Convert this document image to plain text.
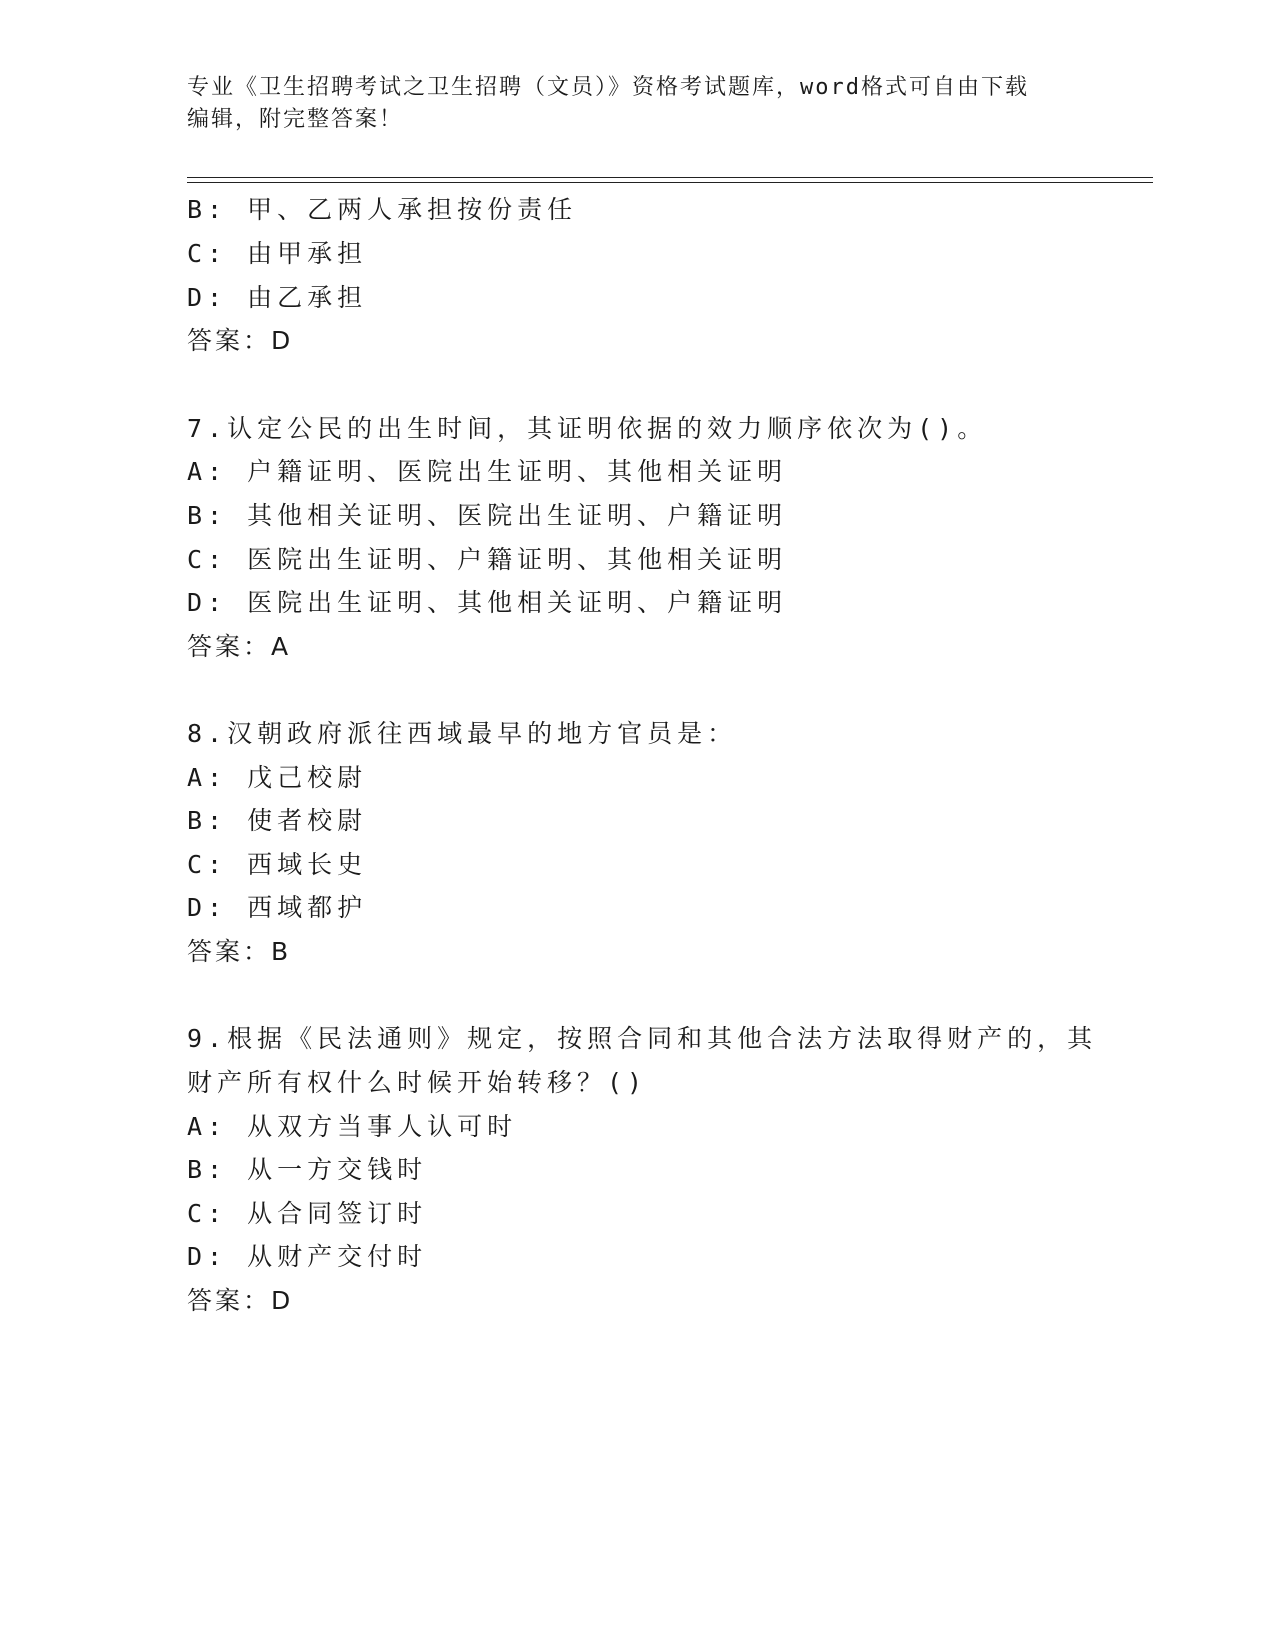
专业《卫生招聘考试之卫生招聘（文员）》资格考试题库，word格式可自由下载
编辑，附完整答案！
B: 甲、乙两人承担按份责任
C: 由甲承担
D: 由乙承担
答案：D
7.认定公民的出生时间，其证明依据的效力顺序依次为()。
A: 户籍证明、医院出生证明、其他相关证明
B: 其他相关证明、医院出生证明、户籍证明
C: 医院出生证明、户籍证明、其他相关证明
D: 医院出生证明、其他相关证明、户籍证明
答案：A
8.汉朝政府派往西域最早的地方官员是：
A: 戊己校尉
B: 使者校尉
C: 西域长史
D: 西域都护
答案：B
9.根据《民法通则》规定，按照合同和其他合法方法取得财产的，其
财产所有权什么时候开始转移？()
A: 从双方当事人认可时
B: 从一方交钱时
C: 从合同签订时
D: 从财产交付时
答案：D
